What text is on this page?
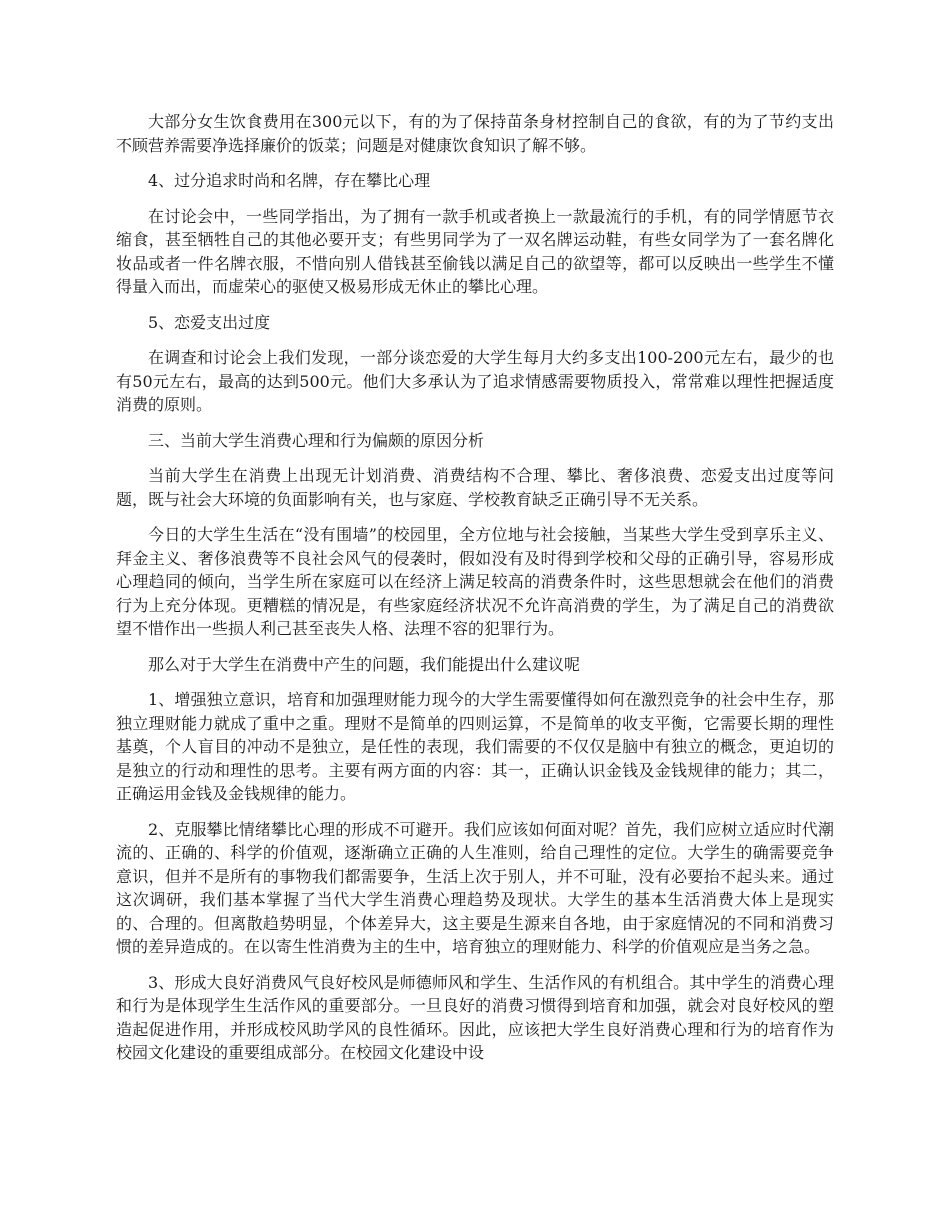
大部分女生饮食费用在300元以下，有的为了保持苗条身材控制自己的食欲，有的为了节约支出不顾营养需要净选择廉价的饭菜；问题是对健康饮食知识了解不够。

4、过分追求时尚和名牌，存在攀比心理

在讨论会中，一些同学指出，为了拥有一款手机或者换上一款最流行的手机，有的同学情愿节衣缩食，甚至牺牲自己的其他必要开支；有些男同学为了一双名牌运动鞋，有些女同学为了一套名牌化妆品或者一件名牌衣服，不惜向别人借钱甚至偷钱以满足自己的欲望等，都可以反映出一些学生不懂得量入而出，而虚荣心的驱使又极易形成无休止的攀比心理。

5、恋爱支出过度

在调查和讨论会上我们发现，一部分谈恋爱的大学生每月大约多支出100-200元左右，最少的也有50元左右，最高的达到500元。他们大多承认为了追求情感需要物质投入，常常难以理性把握适度消费的原则。

三、当前大学生消费心理和行为偏颇的原因分析

当前大学生在消费上出现无计划消费、消费结构不合理、攀比、奢侈浪费、恋爱支出过度等问题，既与社会大环境的负面影响有关，也与家庭、学校教育缺乏正确引导不无关系。

今日的大学生生活在“没有围墙”的校园里，全方位地与社会接触，当某些大学生受到享乐主义、拜金主义、奢侈浪费等不良社会风气的侵袭时，假如没有及时得到学校和父母的正确引导，容易形成心理趋同的倾向，当学生所在家庭可以在经济上满足较高的消费条件时，这些思想就会在他们的消费行为上充分体现。更糟糕的情况是，有些家庭经济状况不允许高消费的学生，为了满足自己的消费欲望不惜作出一些损人利己甚至丧失人格、法理不容的犯罪行为。

那么对于大学生在消费中产生的问题，我们能提出什么建议呢

1、增强独立意识，培育和加强理财能力现今的大学生需要懂得如何在激烈竞争的社会中生存，那独立理财能力就成了重中之重。理财不是简单的四则运算，不是简单的收支平衡，它需要长期的理性基奠，个人盲目的冲动不是独立，是任性的表现，我们需要的不仅仅是脑中有独立的概念，更迫切的是独立的行动和理性的思考。主要有两方面的内容：其一，正确认识金钱及金钱规律的能力；其二，正确运用金钱及金钱规律的能力。

2、克服攀比情绪攀比心理的形成不可避开。我们应该如何面对呢？首先，我们应树立适应时代潮流的、正确的、科学的价值观，逐渐确立正确的人生准则，给自己理性的定位。大学生的确需要竞争意识，但并不是所有的事物我们都需要争，生活上次于别人，并不可耻，没有必要抬不起头来。通过这次调研，我们基本掌握了当代大学生消费心理趋势及现状。大学生的基本生活消费大体上是现实的、合理的。但离散趋势明显，个体差异大，这主要是生源来自各地，由于家庭情况的不同和消费习惯的差异造成的。在以寄生性消费为主的生中，培育独立的理财能力、科学的价值观应是当务之急。

3、形成大良好消费风气良好校风是师德师风和学生、生活作风的有机组合。其中学生的消费心理和行为是体现学生生活作风的重要部分。一旦良好的消费习惯得到培育和加强，就会对良好校风的塑造起促进作用，并形成校风助学风的良性循环。因此，应该把大学生良好消费心理和行为的培育作为校园文化建设的重要组成部分。在校园文化建设中设
